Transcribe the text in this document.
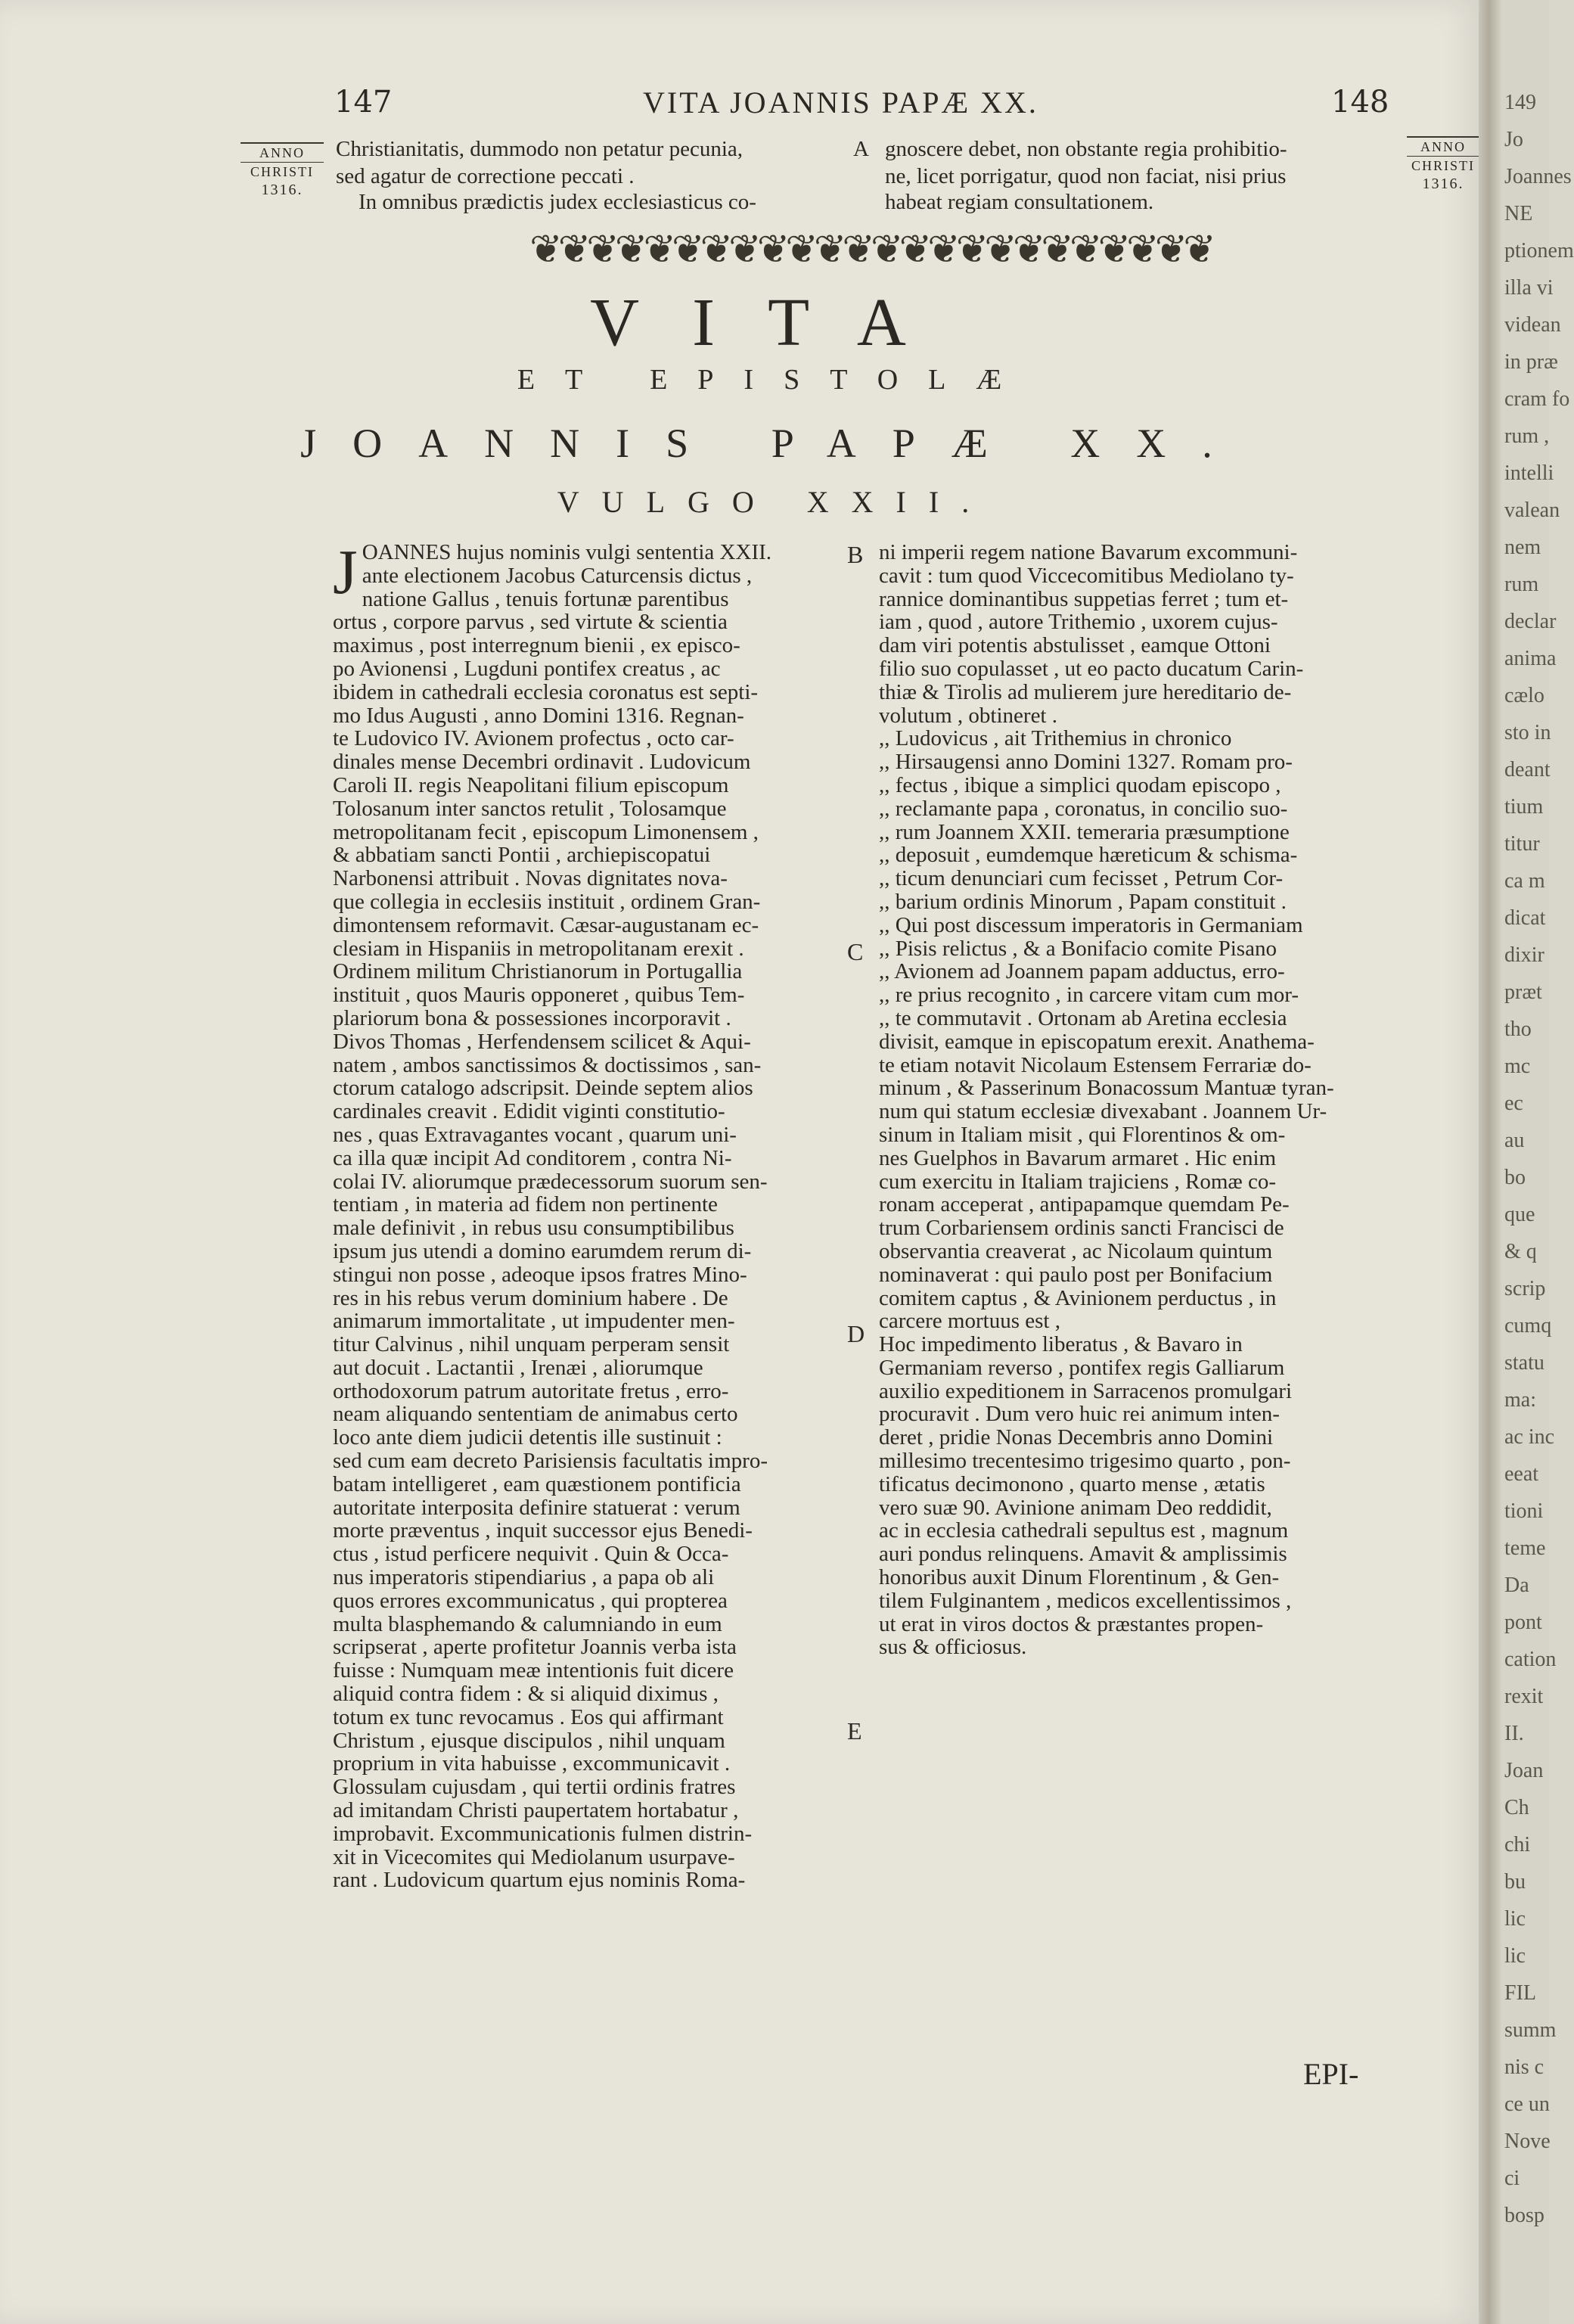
147	VITA JOANNIS PAPÆ XX.	148
ANNO
CHRISTI
1316.
ANNO
CHRISTI
1316.
Christianitatis, dummodo non petatur pecunia,
sed agatur de correctione peccati .
In omnibus prædictis judex ecclesiasticus co-
A gnoscere debet, non obstante regia prohibitio-
ne, licet porrigatur, quod non faciat, nisi prius
habeat regiam consultationem.
❦❦❦❦❦❦❦❦❦❦❦❦❦❦❦❦❦❦❦❦❦❦❦❦
VITA
ET EPISTOLÆ
JOANNIS PAPÆ XX.
VULGO XXII.
J OANNES hujus nominis vulgi sententia XXII.

ante electionem Jacobus Caturcensis dictus ,

natione Gallus , tenuis fortunæ parentibus

ortus , corpore parvus , sed virtute & scientia

maximus , post interregnum bienii , ex episco-

po Avionensi , Lugduni pontifex creatus , ac

ibidem in cathedrali ecclesia coronatus est septi-

mo Idus Augusti , anno Domini 1316. Regnan-

te Ludovico IV. Avionem profectus , octo car-

dinales mense Decembri ordinavit . Ludovicum

Caroli II. regis Neapolitani filium episcopum

Tolosanum inter sanctos retulit , Tolosamque

metropolitanam fecit , episcopum Limonensem ,

& abbatiam sancti Pontii , archiepiscopatui

Narbonensi attribuit . Novas dignitates nova-

que collegia in ecclesiis instituit , ordinem Gran-

dimontensem reformavit. Cæsar-augustanam ec-

clesiam in Hispaniis in metropolitanam erexit .

Ordinem militum Christianorum in Portugallia

instituit , quos Mauris opponeret , quibus Tem-

plariorum bona & possessiones incorporavit .

Divos Thomas , Herfendensem scilicet & Aqui-

natem , ambos sanctissimos & doctissimos , san-

ctorum catalogo adscripsit. Deinde septem alios

cardinales creavit . Edidit viginti constitutio-

nes , quas Extravagantes vocant , quarum uni-

ca illa quæ incipit Ad conditorem , contra Ni-

colai IV. aliorumque prædecessorum suorum sen-

tentiam , in materia ad fidem non pertinente

male definivit , in rebus usu consumptibilibus

ipsum jus utendi a domino earumdem rerum di-

stingui non posse , adeoque ipsos fratres Mino-

res in his rebus verum dominium habere . De

animarum immortalitate , ut impudenter men-

titur Calvinus , nihil unquam perperam sensit

aut docuit . Lactantii , Irenæi , aliorumque

orthodoxorum patrum autoritate fretus , erro-

neam aliquando sententiam de animabus certo

loco ante diem judicii detentis ille sustinuit :

sed cum eam decreto Parisiensis facultatis impro-

batam intelligeret , eam quæstionem pontificia

autoritate interposita definire statuerat : verum

morte præventus , inquit successor ejus Benedi-

ctus , istud perficere nequivit . Quin & Occa-

nus imperatoris stipendiarius , a papa ob ali

quos errores excommunicatus , qui propterea

multa blasphemando & calumniando in eum

scripserat , aperte profitetur Joannis verba ista

fuisse : Numquam meæ intentionis fuit dicere

aliquid contra fidem : & si aliquid diximus ,

totum ex tunc revocamus . Eos qui affirmant

Christum , ejusque discipulos , nihil unquam

proprium in vita habuisse , excommunicavit .

Glossulam cujusdam , qui tertii ordinis fratres

ad imitandam Christi paupertatem hortabatur ,

improbavit. Excommunicationis fulmen distrin-

xit in Vicecomites qui Mediolanum usurpave-

rant . Ludovicum quartum ejus nominis Roma-

ni imperii regem natione Bavarum excommuni-

cavit : tum quod Viccecomitibus Mediolano ty-

rannice dominantibus suppetias ferret ; tum et-

iam , quod , autore Trithemio , uxorem cujus-

dam viri potentis abstulisset , eamque Ottoni

filio suo copulasset , ut eo pacto ducatum Carin-

thiæ & Tirolis ad mulierem jure hereditario de-

volutum , obtineret .

,, Ludovicus , ait Trithemius in chronico

,, Hirsaugensi anno Domini 1327. Romam pro-

,, fectus , ibique a simplici quodam episcopo ,

,, reclamante papa , coronatus, in concilio suo-

,, rum Joannem XXII. temeraria præsumptione

,, deposuit , eumdemque hæreticum & schisma-

,, ticum denunciari cum fecisset , Petrum Cor-

,, barium ordinis Minorum , Papam constituit .

,, Qui post discessum imperatoris in Germaniam

,, Pisis relictus , & a Bonifacio comite Pisano

,, Avionem ad Joannem papam adductus, erro-

,, re prius recognito , in carcere vitam cum mor-

,, te commutavit . Ortonam ab Aretina ecclesia

divisit, eamque in episcopatum erexit. Anathema-

te etiam notavit Nicolaum Estensem Ferrariæ do-

minum , & Passerinum Bonacossum Mantuæ tyran-

num qui statum ecclesiæ divexabant . Joannem Ur-

sinum in Italiam misit , qui Florentinos & om-

nes Guelphos in Bavarum armaret . Hic enim

cum exercitu in Italiam trajiciens , Romæ co-

ronam acceperat , antipapamque quemdam Pe-

trum Corbariensem ordinis sancti Francisci de

observantia creaverat , ac Nicolaum quintum

nominaverat : qui paulo post per Bonifacium

comitem captus , & Avinionem perductus , in

carcere mortuus est ,

Hoc impedimento liberatus , & Bavaro in

Germaniam reverso , pontifex regis Galliarum

auxilio expeditionem in Sarracenos promulgari

procuravit . Dum vero huic rei animum inten-

deret , pridie Nonas Decembris anno Domini

millesimo trecentesimo trigesimo quarto , pon-

tificatus decimonono , quarto mense , ætatis

vero suæ 90. Avinione animam Deo reddidit,

ac in ecclesia cathedrali sepultus est , magnum

auri pondus relinquens. Amavit & amplissimis

honoribus auxit Dinum Florentinum , & Gen-

tilem Fulginantem , medicos excellentissimos ,

ut erat in viros doctos & præstantes propen-

sus & officiosus.

B
C
D
E
EPI-
149
Jo
Joannes
NE
ptionem
illa vi
videan
in præ
cram fo
rum ,
intelli
valean
nem
rum
declar
anima
cælo
sto in
deant
tium
titur
ca m
dicat
dixir
præt
tho
mc
ec
au
bo
que
& q
scrip
cumq
statu
ma:
ac inc
eeat
tioni
teme
Da
pont
cation
rexit
II.
Joan
Ch
chi
bu
lic
lic
FIL
summ
nis c
ce un
Nove
ci
bosp
